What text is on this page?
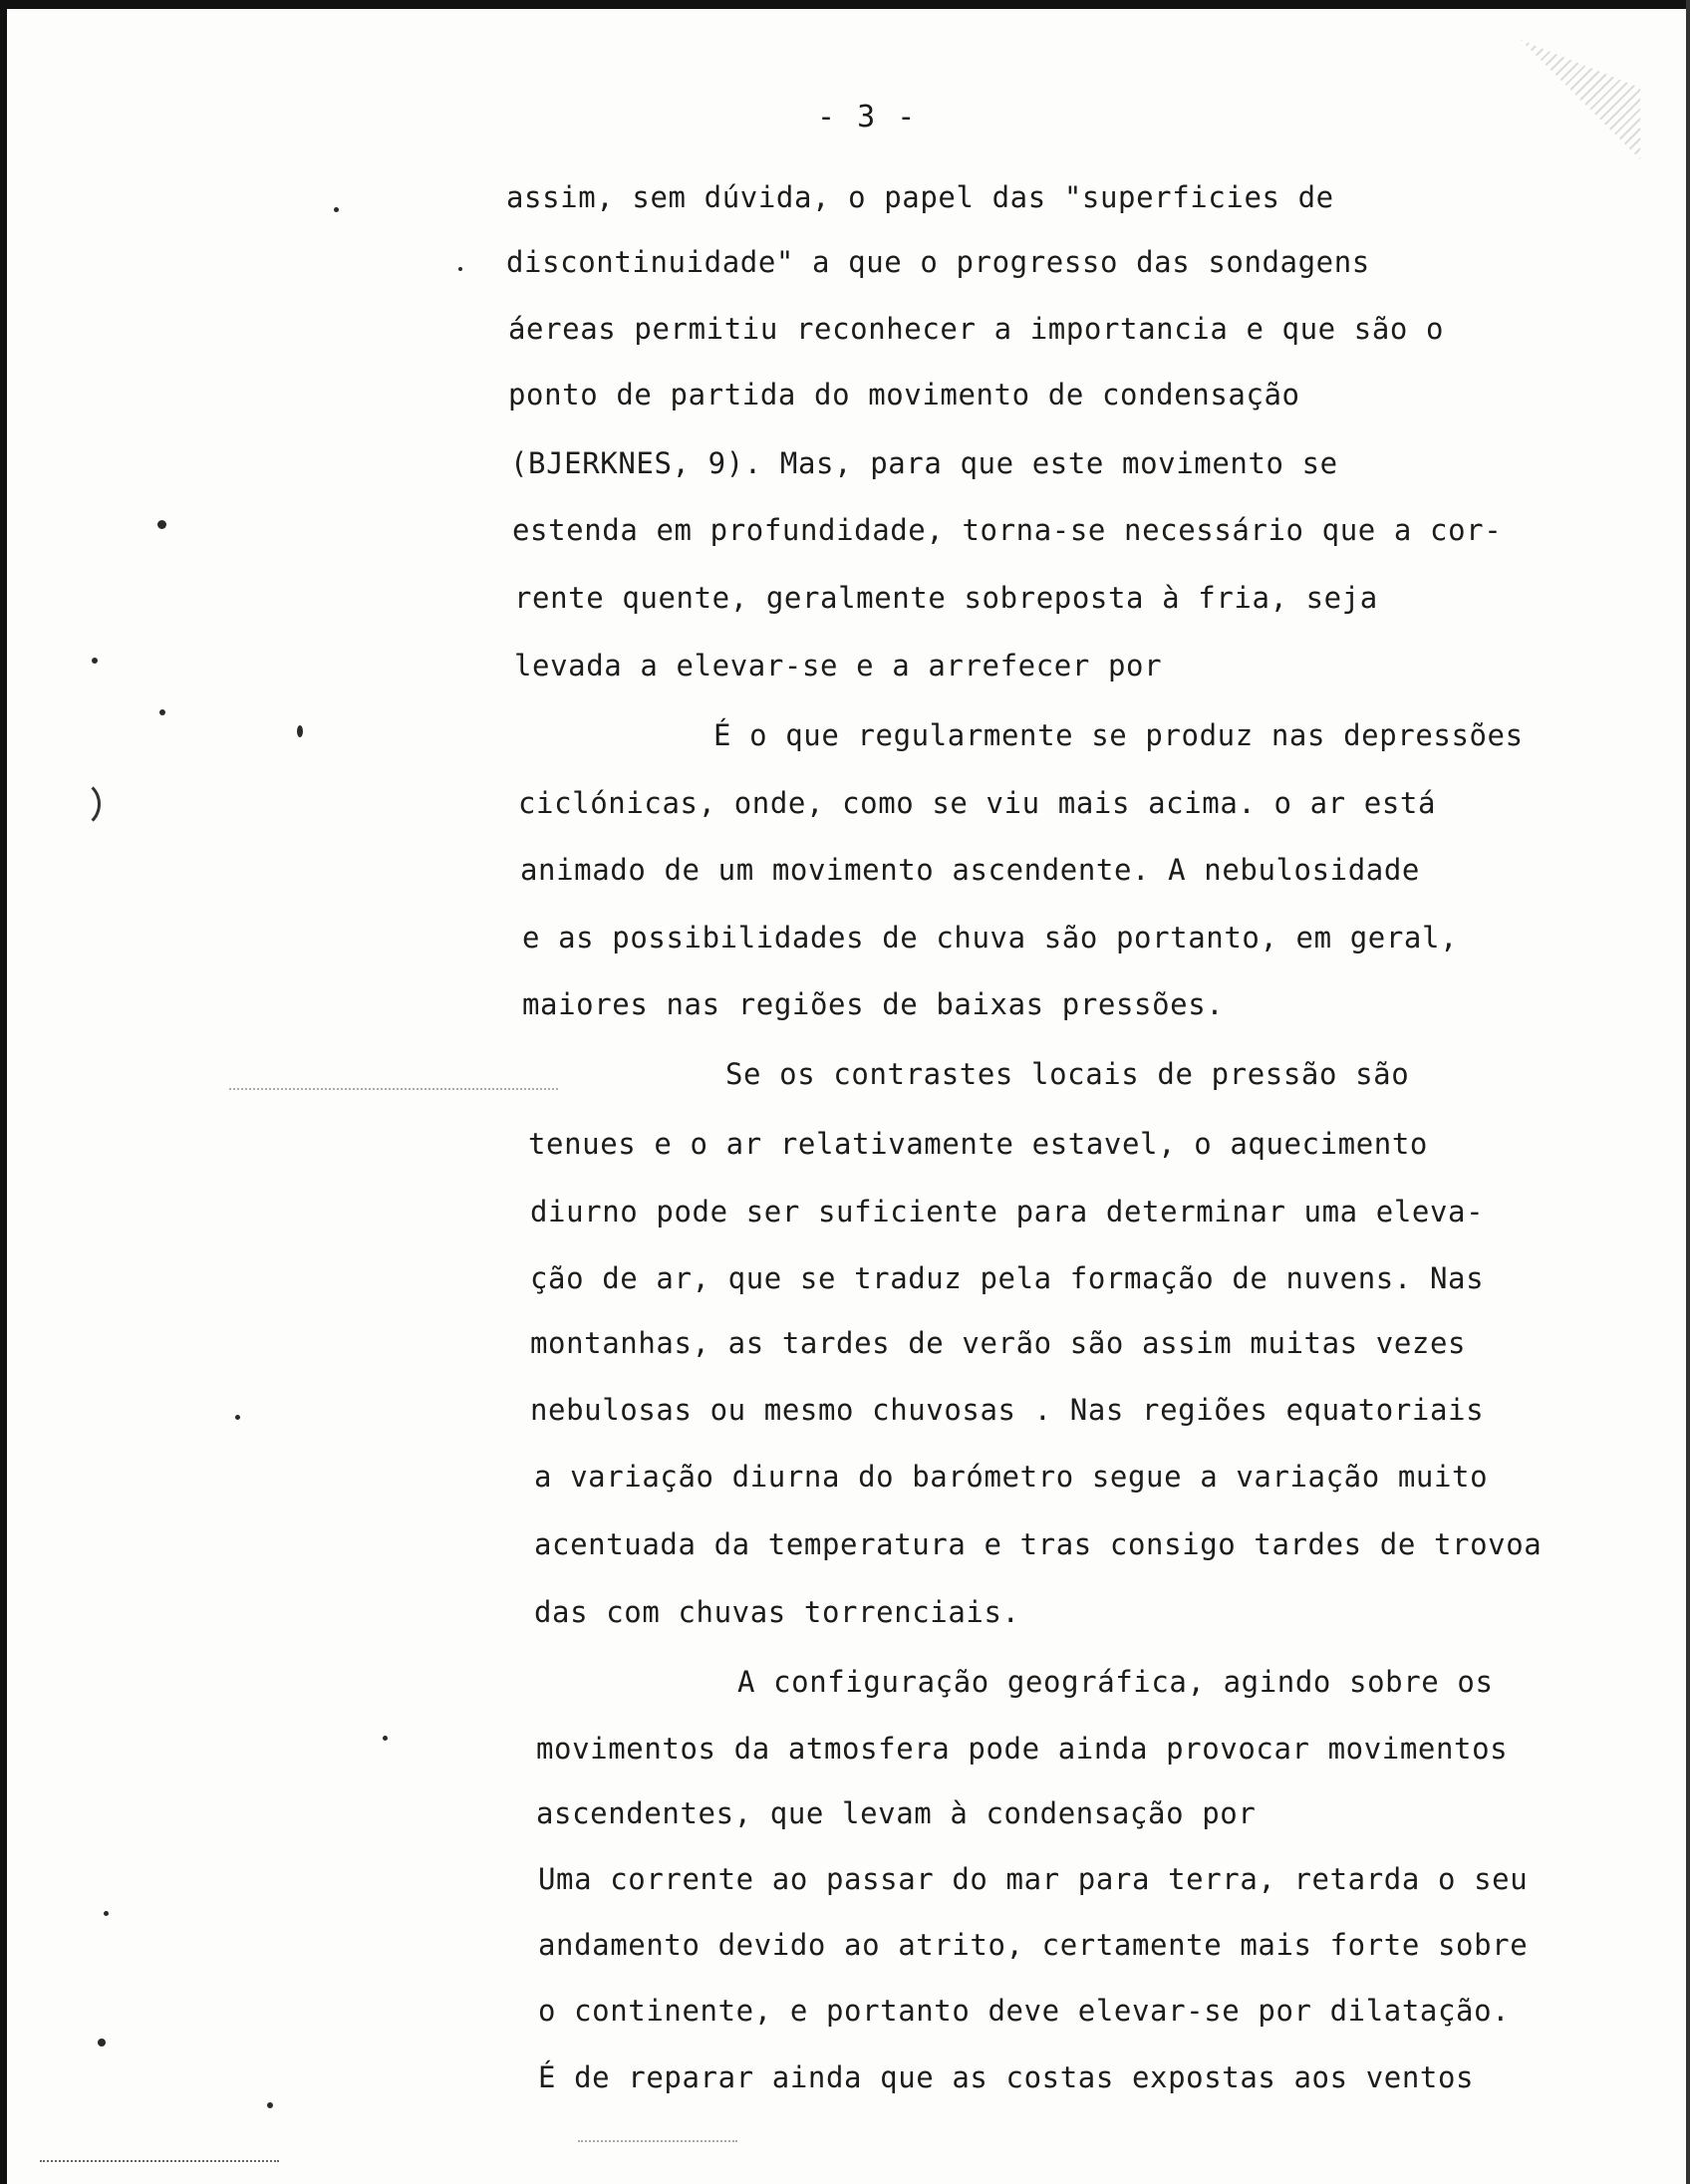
- 3 -
assim, sem dúvida, o papel das "superficies de
discontinuidade" a que o progresso das sondagens
áereas permitiu reconhecer a importancia e que são o
ponto de partida do movimento de condensação
(BJERKNES, 9). Mas, para que este movimento se
estenda em profundidade, torna-se necessário que a cor-
rente quente, geralmente sobreposta à fria, seja
levada a elevar-se e a arrefecer por
É o que regularmente se produz nas depressões
ciclónicas, onde, como se viu mais acima. o ar está
animado de um movimento ascendente. A nebulosidade
e as possibilidades de chuva são portanto, em geral,
maiores nas regiões de baixas pressões.
Se os contrastes locais de pressão são
tenues e o ar relativamente estavel, o aquecimento
diurno pode ser suficiente para determinar uma eleva-
ção de ar, que se traduz pela formação de nuvens. Nas
montanhas, as tardes de verão são assim muitas vezes
nebulosas ou mesmo chuvosas . Nas regiões equatoriais
a variação diurna do barómetro segue a variação muito
acentuada da temperatura e tras consigo tardes de trovoa
das com chuvas torrenciais.
A configuração geográfica, agindo sobre os
movimentos da atmosfera pode ainda provocar movimentos
ascendentes, que levam à condensação por
Uma corrente ao passar do mar para terra, retarda o seu
andamento devido ao atrito, certamente mais forte sobre
o continente, e portanto deve elevar-se por dilatação.
É de reparar ainda que as costas expostas aos ventos
